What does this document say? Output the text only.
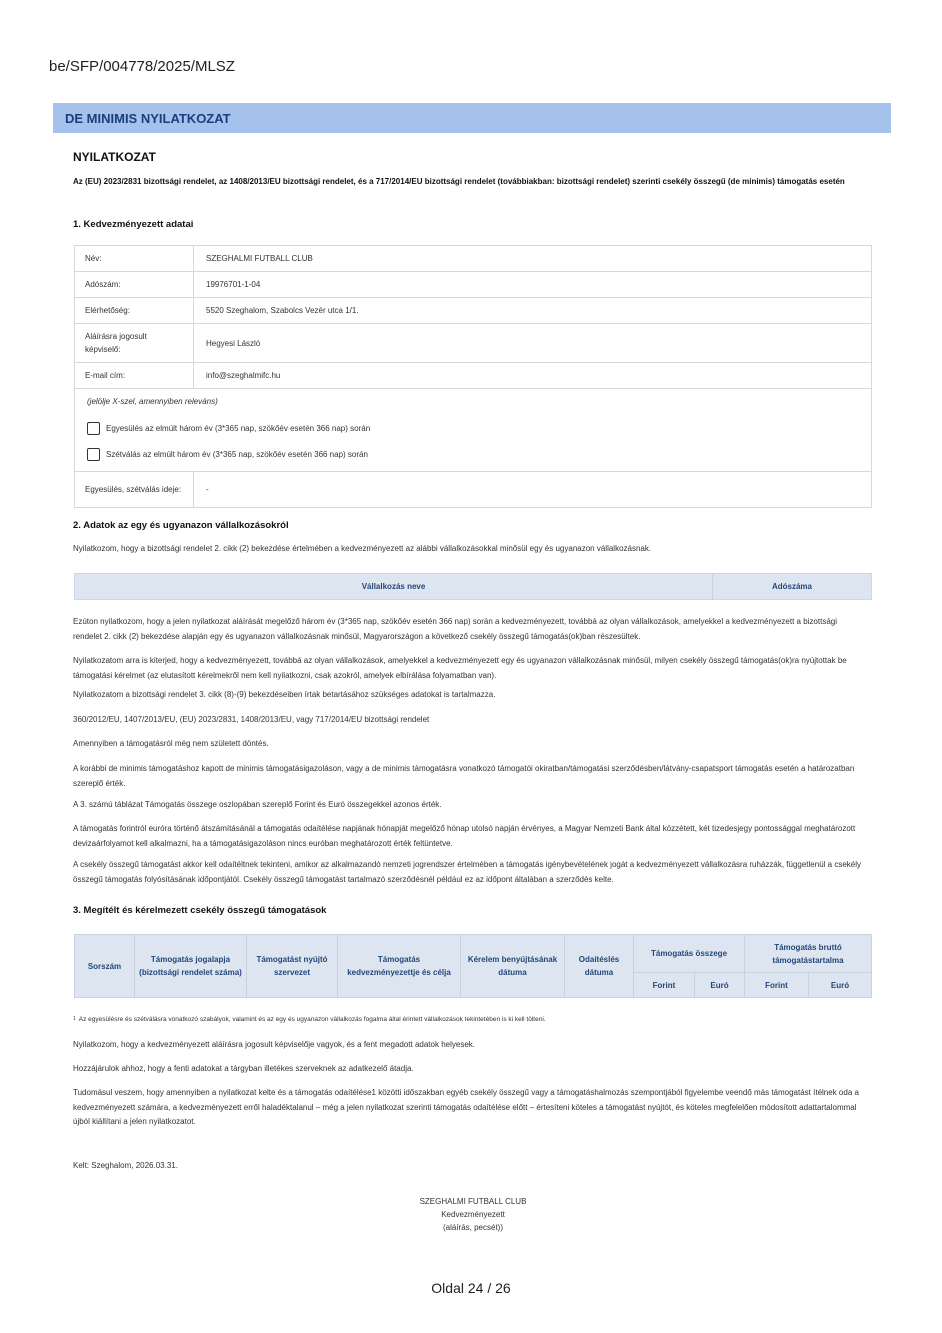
be/SFP/004778/2025/MLSZ
DE MINIMIS NYILATKOZAT
NYILATKOZAT
Az (EU) 2023/2831 bizottsági rendelet, az 1408/2013/EU bizottsági rendelet, és a 717/2014/EU bizottsági rendelet (továbbiakban: bizottsági rendelet) szerinti csekély összegű (de minimis) támogatás esetén
1. Kedvezményezett adatai
Név:	SZEGHALMI FUTBALL CLUB
Adószám:	19976701-1-04
Elérhetőség:	5520 Szeghalom, Szabolcs Vezér utca 1/1.
Aláírásra jogosult képviselő:
Hegyesi László
E-mail cím:	info@szeghalmifc.hu
(jelölje X-szel, amennyiben releváns)
Egyesülés az elmúlt három év (3*365 nap, szökőév esetén 366 nap) során
Szétválás az elmúlt három év (3*365 nap, szökőév esetén 366 nap) során
Egyesülés, szétválás ideje:	-
2. Adatok az egy és ugyanazon vállalkozásokról
Nyilatkozom, hogy a bizottsági rendelet 2. cikk (2) bekezdése értelmében a kedvezményezett az alábbi vállalkozásokkal minősül egy és ugyanazon vállalkozásnak.
Vállalkozás neve	Adószáma
Ezúton nyilatkozom, hogy a jelen nyilatkozat aláírását megelőző három év (3*365 nap, szökőév esetén 366 nap) során a kedvezményezett, továbbá az olyan vállalkozások, amelyekkel a kedvezményezett a bizottsági rendelet 2. cikk (2) bekezdése alapján egy és ugyanazon vállalkozásnak minősül, Magyarországon a következő csekély összegű támogatás(ok)ban részesültek.
Nyilatkozatom arra is kiterjed, hogy a kedvezményezett, továbbá az olyan vállalkozások, amelyekkel a kedvezményezett egy és ugyanazon vállalkozásnak minősül, milyen csekély összegű támogatás(ok)ra nyújtottak be támogatási kérelmet (az elutasított kérelmekről nem kell nyilatkozni, csak azokról, amelyek elbírálása folyamatban van).
Nyilatkozatom a bizottsági rendelet 3. cikk (8)-(9) bekezdéseiben írtak betartásához szükséges adatokat is tartalmazza.
360/2012/EU, 1407/2013/EU, (EU) 2023/2831, 1408/2013/EU, vagy 717/2014/EU bizottsági rendelet
Amennyiben a támogatásról még nem született döntés.
A korábbi de minimis támogatáshoz kapott de minimis támogatásigazoláson, vagy a de minimis támogatásra vonatkozó támogatói okiratban/támogatási szerződésben/látvány-csapatsport támogatás esetén a határozatban szereplő érték.
A 3. számú táblázat Támogatás összege oszlopában szereplő Forint és Euró összegekkel azonos érték.
A támogatás forintról euróra történő átszámításánál a támogatás odaítélése napjának hónapját megelőző hónap utolsó napján érvényes, a Magyar Nemzeti Bank által közzétett, két tizedesjegy pontossággal meghatározott devizaárfolyamot kell alkalmazni, ha a támogatásigazoláson nincs euróban meghatározott érték feltüntetve.
A csekély összegű támogatást akkor kell odaítéltnek tekinteni, amikor az alkalmazandó nemzeti jogrendszer értelmében a támogatás igénybevételének jogát a kedvezményezett vállalkozásra ruházzák, függetlenül a csekély összegű támogatás folyósításának időpontjától. Csekély összegű támogatást tartalmazó szerződésnél például ez az időpont általában a szerződés kelte.
3. Megítélt és kérelmezett csekély összegű támogatások
Sorszám	Támogatás jogalapja (bizottsági rendelet száma)	Támogatást nyújtó szervezet	Támogatás kedvezményezettje és célja	Kérelem benyújtásának dátuma	Odaítéslés dátuma	Támogatás összege		Támogatás bruttó támogatástartalma	
						Forint	Euró	Forint	Euró
$^1$ Az egyesülésre és szétválásra vonatkozó szabályok, valamint és az egy és ugyanazon vállalkozás fogalma által érintett vállalkozások tekintetében is ki kell tölteni.
Nyilatkozom, hogy a kedvezményezett aláírásra jogosult képviselője vagyok, és a fent megadott adatok helyesek.
Hozzájárulok ahhoz, hogy a fenti adatokat a tárgyban illetékes szerveknek az adatkezelő átadja.
Tudomásul veszem, hogy amennyiben a nyilatkozat kelte és a támogatás odaítélése1 közötti időszakban egyéb csekély összegű vagy a támogatáshalmozás szempontjából figyelembe veendő más támogatást ítélnek oda a kedvezményezett számára, a kedvezményezett erről haladéktalanul – még a jelen nyilatkozat szerinti támogatás odaítélése előtt – értesíteni köteles a támogatást nyújtót, és köteles megfelelően módosított adattartalommal újból kiállítani a jelen nyilatkozatot.
Kelt: Szeghalom, 2026.03.31.
SZEGHALMI FUTBALL CLUB
Kedvezményezett
(aláírás, pecsét))
Oldal 24 / 26
